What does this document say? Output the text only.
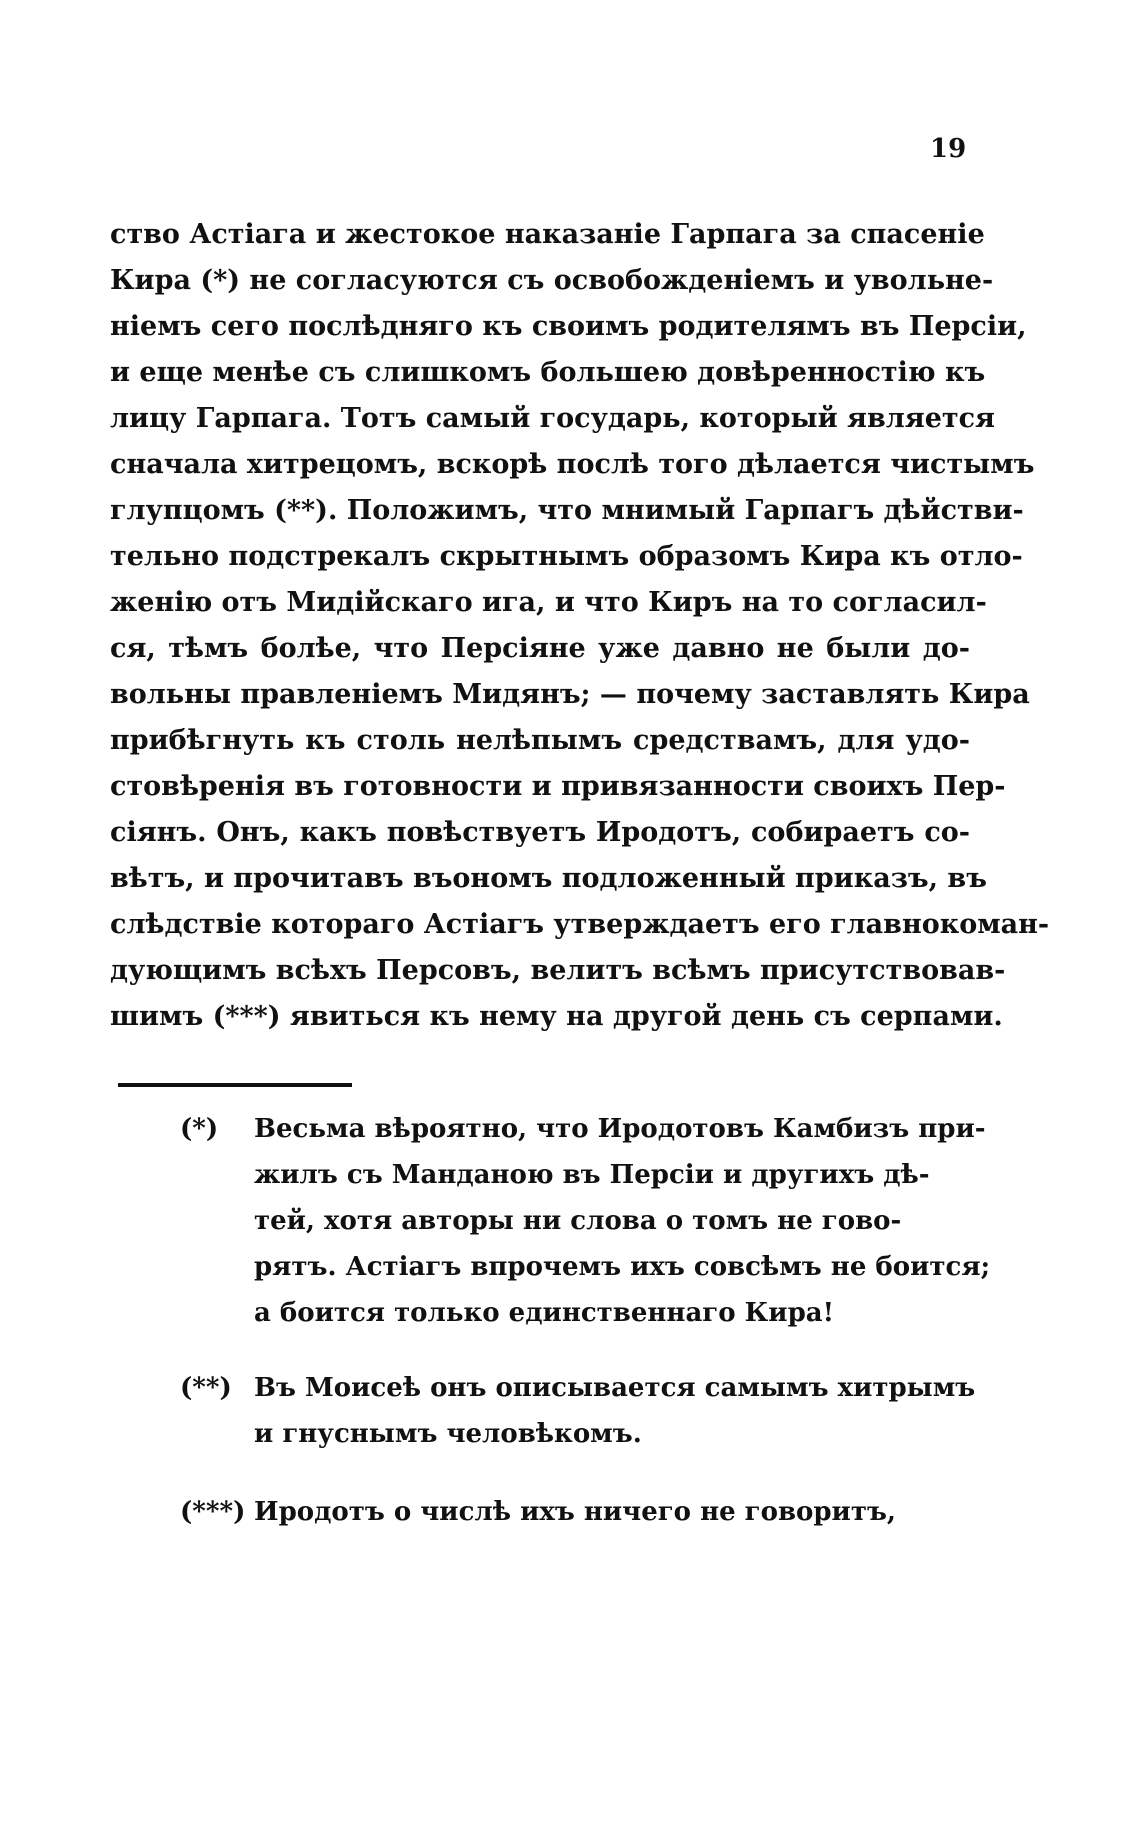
19
ство Астіага и жестокое наказаніе Гарпага за спасеніе
Кира (*) не согласуются съ освобожденіемъ и увольне-
ніемъ сего послѣдняго къ своимъ родителямъ въ Персіи,
и еще менѣе съ слишкомъ большею довѣренностію къ
лицу Гарпага. Тотъ самый государь, который является
сначала хитрецомъ, вскорѣ послѣ того дѣлается чистымъ
глупцомъ (**). Положимъ, что мнимый Гарпагъ дѣйстви-
тельно подстрекалъ скрытнымъ образомъ Кира къ отло-
женію отъ Мидійскаго ига, и что Киръ на то согласил-
ся, тѣмъ болѣе, что Персіяне уже давно не были до-
вольны правленіемъ Мидянъ; — почему заставлять Кира
прибѣгнуть къ столь нелѣпымъ средствамъ, для удо-
стовѣренія въ готовности и привязанности своихъ Пер-
сіянъ. Онъ, какъ повѣствуетъ Иродотъ, собираетъ со-
вѣтъ, и прочитавъ въономъ подложенный приказъ, въ
слѣдствіе котораго Астіагъ утверждаетъ его главнокоман-
дующимъ всѣхъ Персовъ, велитъ всѣмъ присутствовав-
шимъ (***) явиться къ нему на другой день съ серпами.
(*) Весьма вѣроятно, что Иродотовъ Камбизъ при-
жилъ съ Манданою въ Персіи и другихъ дѣ-
тей, хотя авторы ни слова о томъ не гово-
рятъ. Астіагъ впрочемъ ихъ совсѣмъ не боится;
а боится только единственнаго Кира!
(**) Въ Моисеѣ онъ описывается самымъ хитрымъ
и гнуснымъ человѣкомъ.
(***) Иродотъ о числѣ ихъ ничего не говоритъ,
